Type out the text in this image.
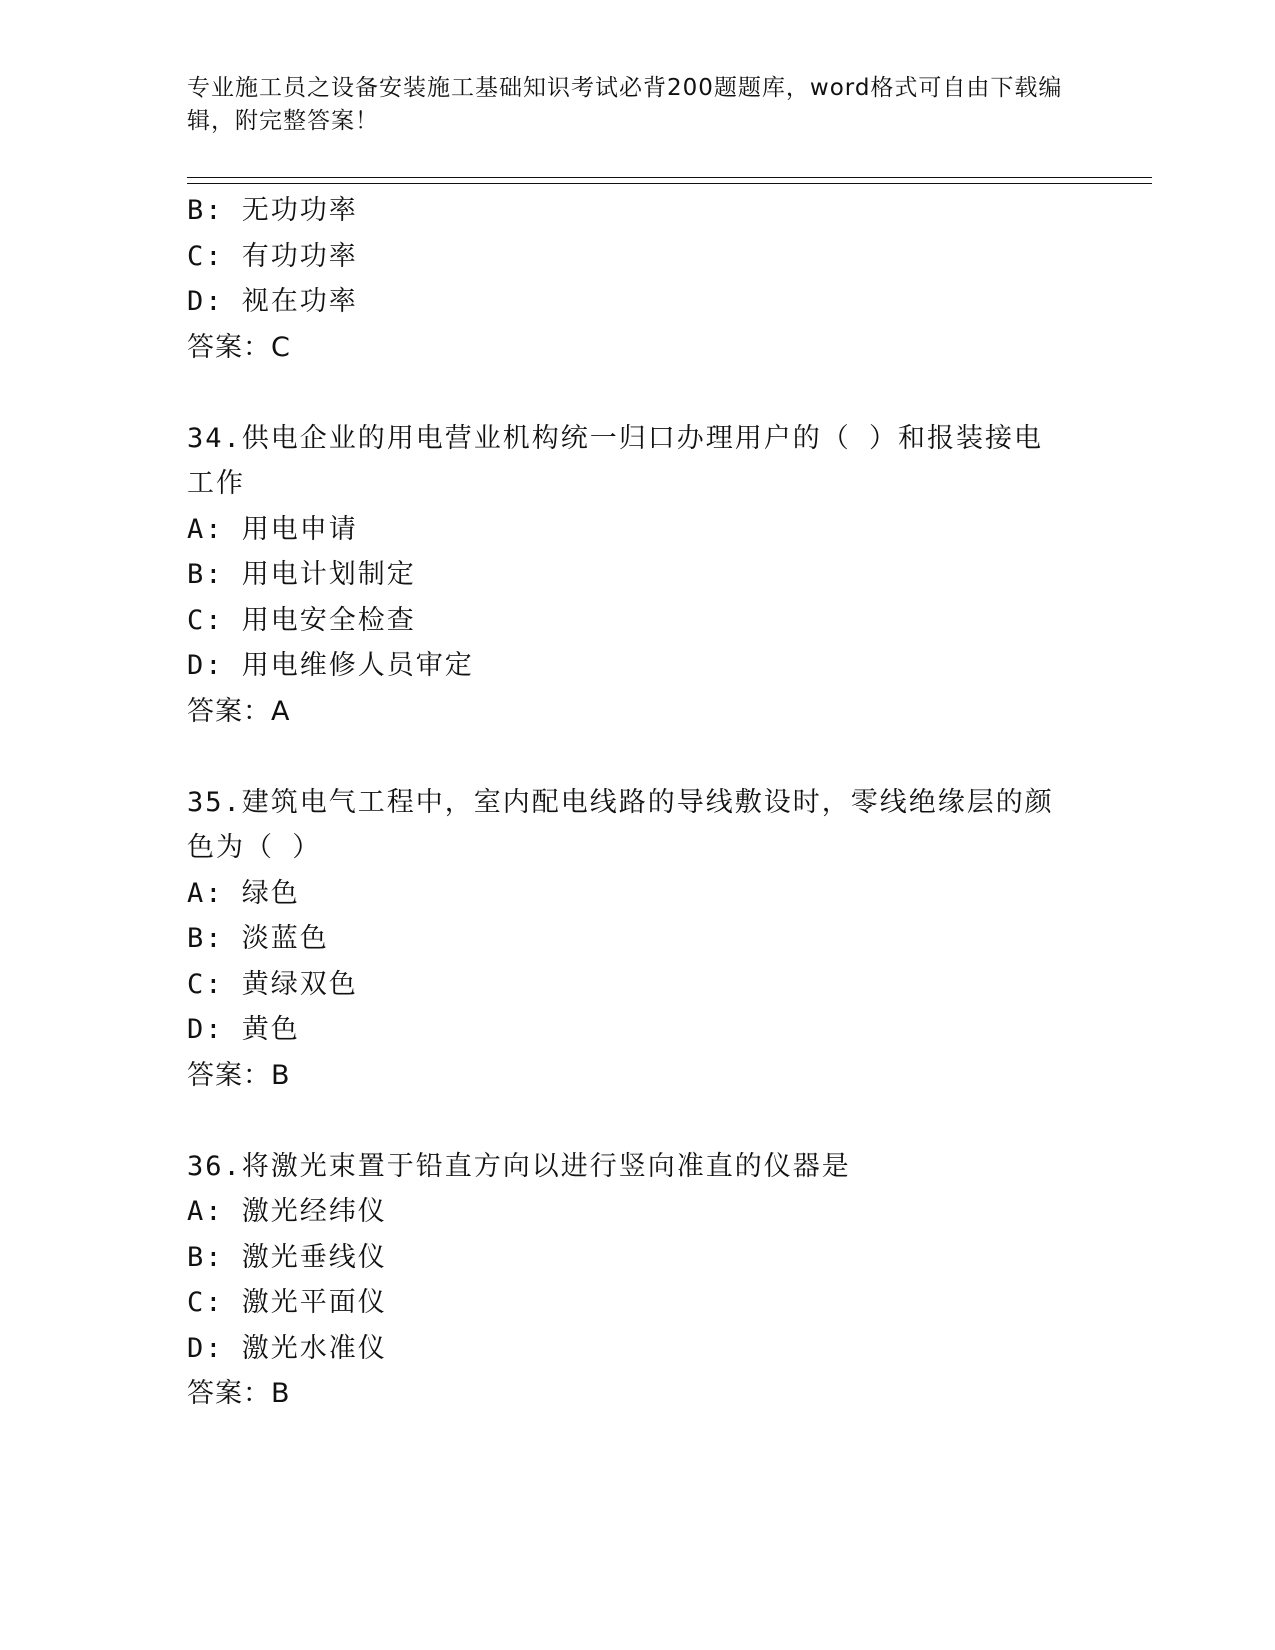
专业施工员之设备安装施工基础知识考试必背200题题库，word格式可自由下载编辑，附完整答案！
B: 无功功率
C: 有功功率
D: 视在功率
答案：C
34.供电企业的用电营业机构统一归口办理用户的（ ）和报装接电工作
A: 用电申请
B: 用电计划制定
C: 用电安全检查
D: 用电维修人员审定
答案：A
35.建筑电气工程中，室内配电线路的导线敷设时，零线绝缘层的颜色为（ ）
A: 绿色
B: 淡蓝色
C: 黄绿双色
D: 黄色
答案：B
36.将激光束置于铅直方向以进行竖向准直的仪器是
A: 激光经纬仪
B: 激光垂线仪
C: 激光平面仪
D: 激光水准仪
答案：B
